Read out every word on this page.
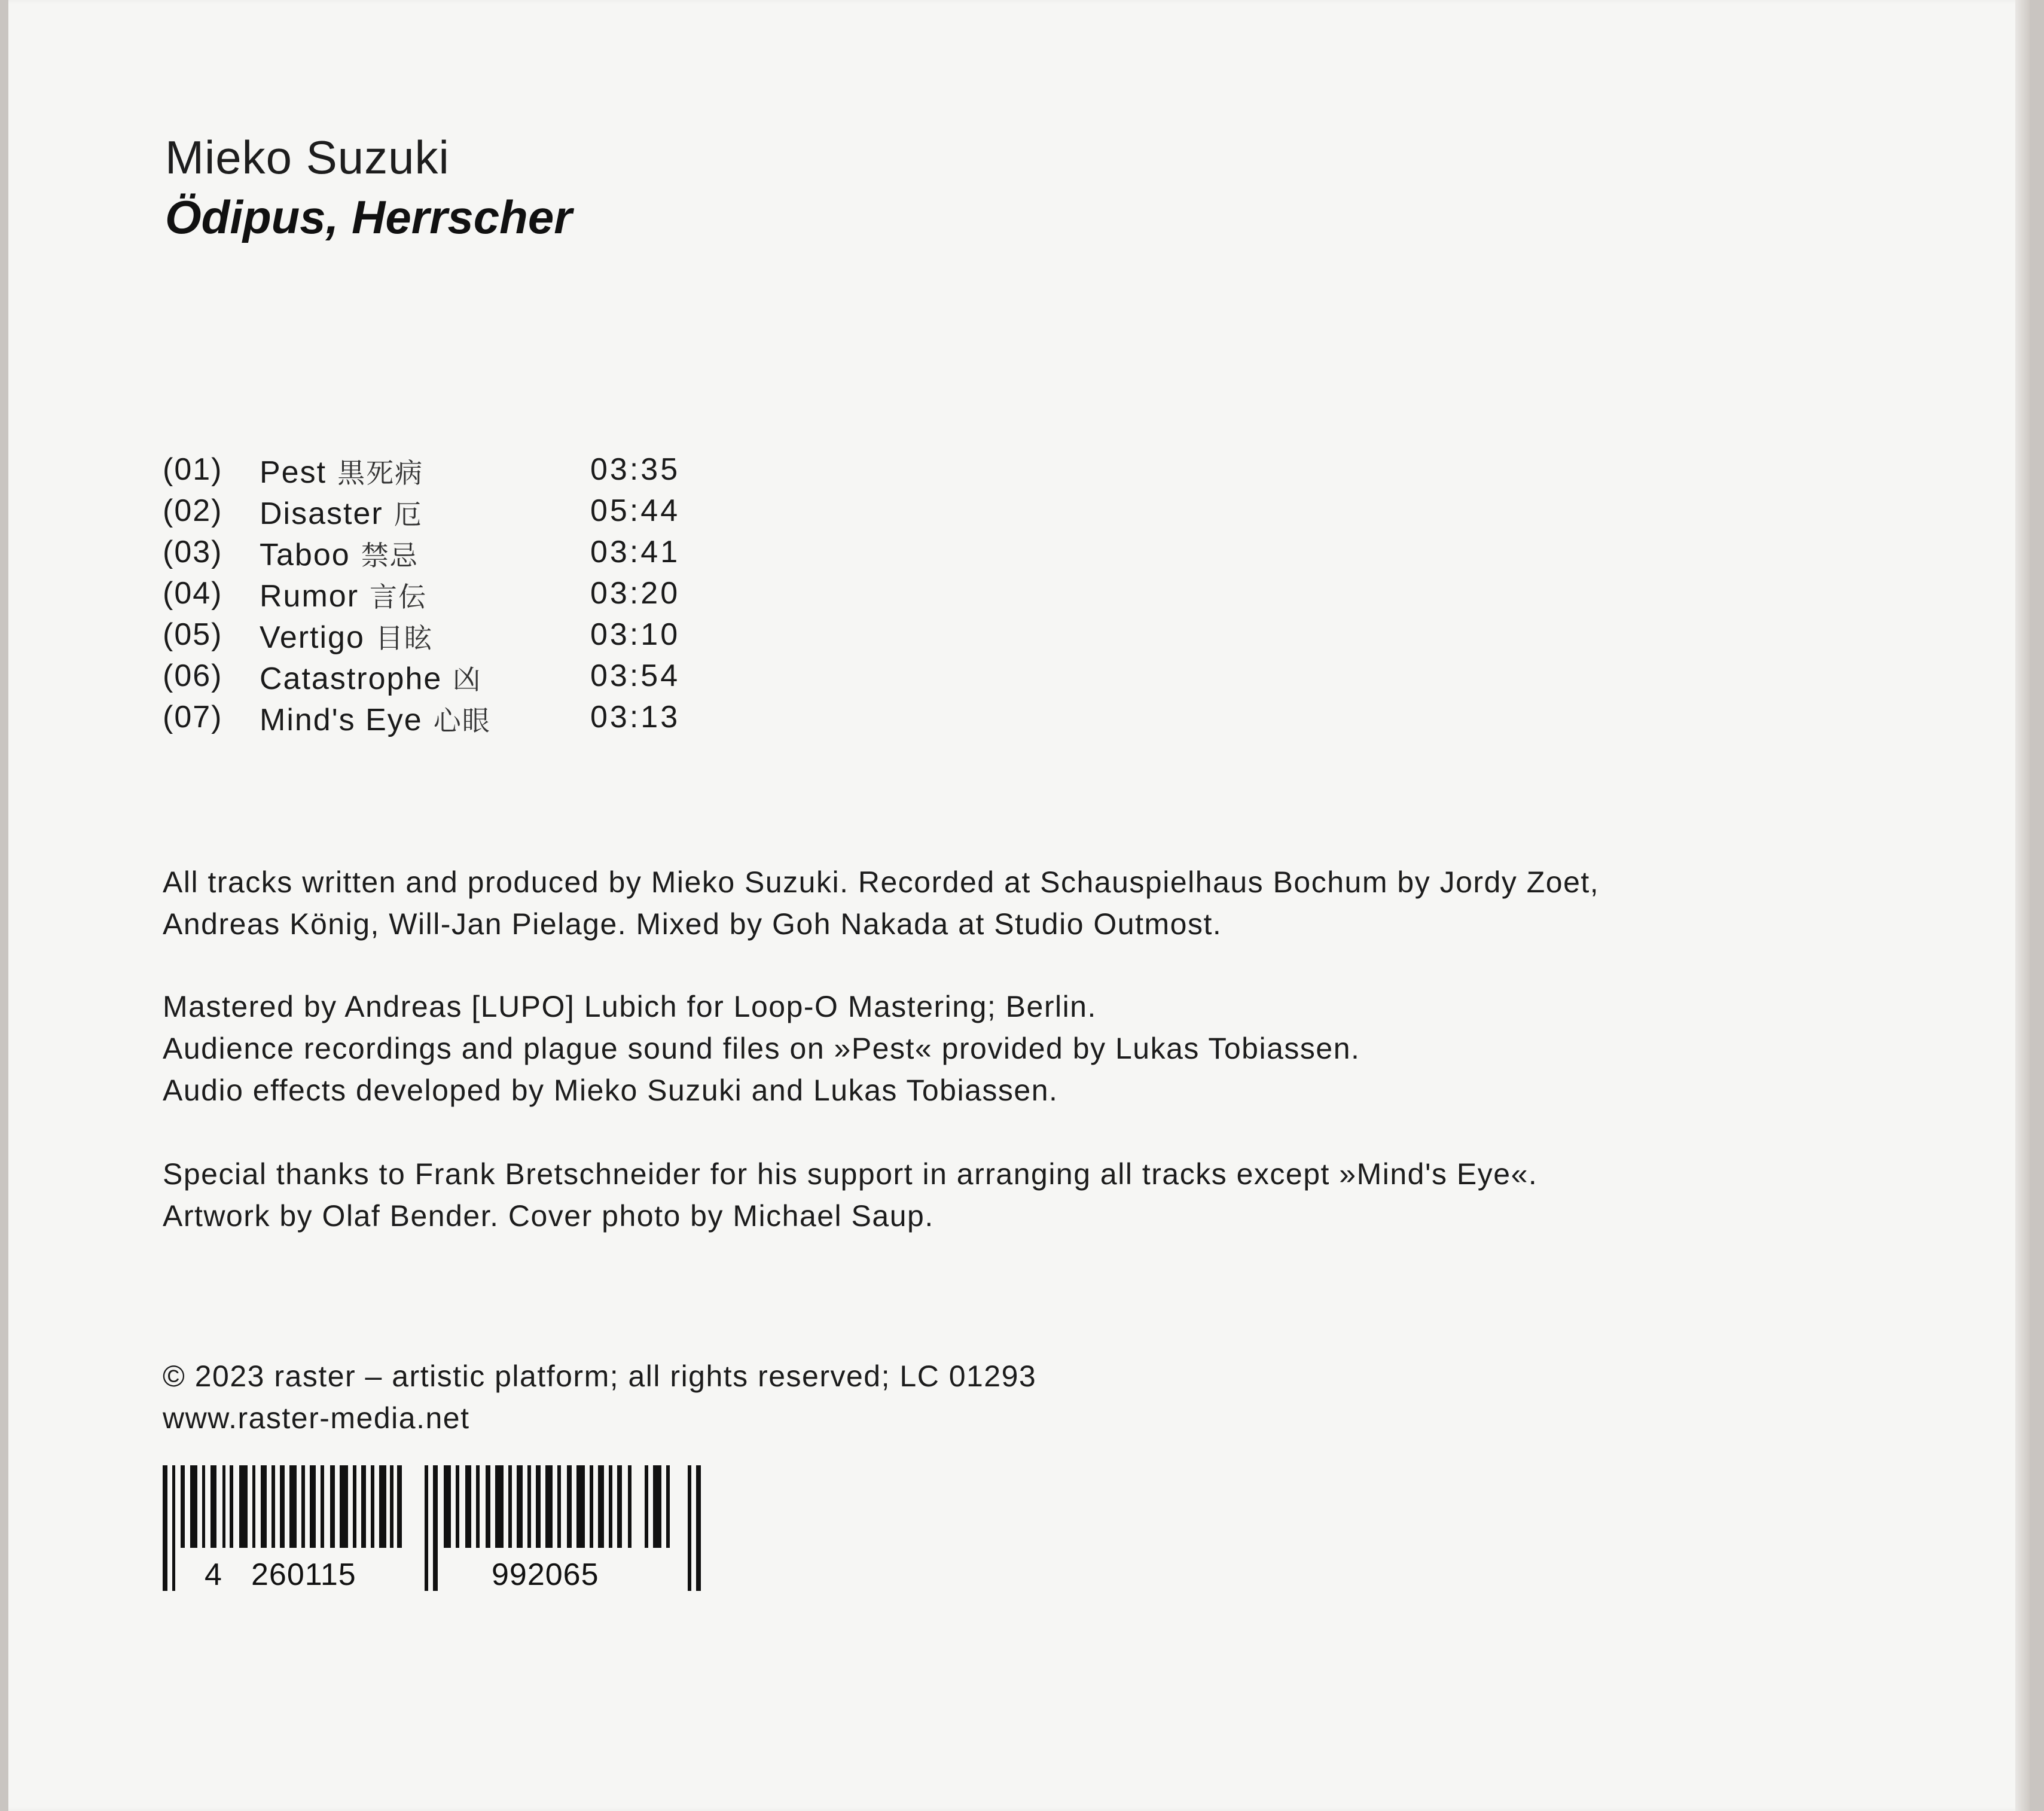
Mieko Suzuki
Ödipus, Herrscher
(01) Pest 黒死病	03:35
(02) Disaster 厄	05:44
(03) Taboo 禁忌	03:41
(04) Rumor 言伝	03:20
(05) Vertigo 目眩	03:10
(06) Catastrophe 凶	03:54
(07) Mind's Eye 心眼	03:13
All tracks written and produced by Mieko Suzuki. Recorded at Schauspielhaus Bochum by Jordy Zoet,
Andreas König, Will-Jan Pielage. Mixed by Goh Nakada at Studio Outmost.
Mastered by Andreas [LUPO] Lubich for Loop-O Mastering; Berlin.
Audience recordings and plague sound files on »Pest« provided by Lukas Tobiassen.
Audio effects developed by Mieko Suzuki and Lukas Tobiassen.
Special thanks to Frank Bretschneider for his support in arranging all tracks except »Mind's Eye«.
Artwork by Olaf Bender. Cover photo by Michael Saup.
© 2023 raster – artistic platform; all rights reserved; LC 01293
www.raster-media.net
4 260115	992065
